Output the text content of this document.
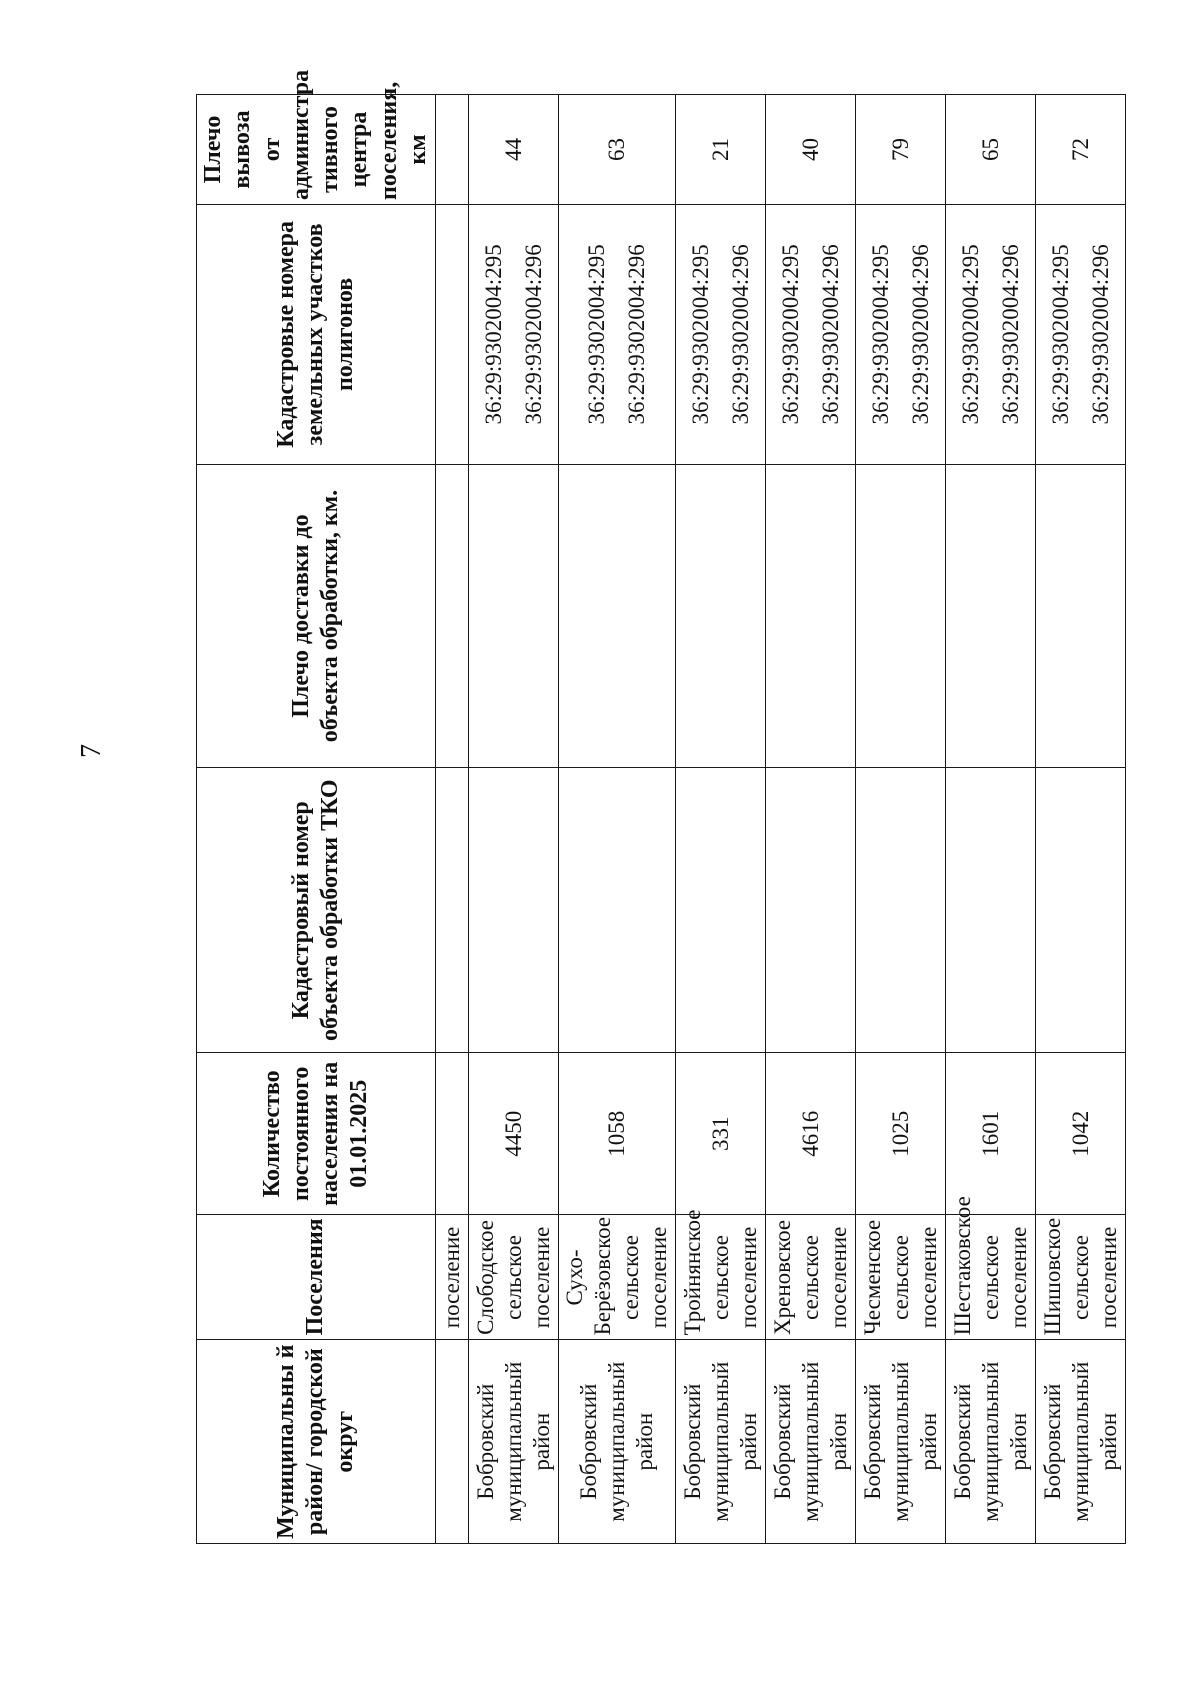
7
Муниципальны й район/ городской округ	Поселения	Количество постоянного населения на 01.01.2025	Кадастровый номер объекта обработки ТКО	Плечо доставки до объекта обработки, км.	Кадастровые номера земельных участков полигонов	Плечо вывоза от администра тивного центра поселения, км
	поселение					
Бобровский муниципальный район	Слободское сельское поселение	4450			36:29:9302004:295 36:29:9302004:296	44
Бобровский муниципальный район	Сухо-Берёзовское сельское поселение	1058			36:29:9302004:295 36:29:9302004:296	63
Бобровский муниципальный район	Тройнянское сельское поселение	331			36:29:9302004:295 36:29:9302004:296	21
Бобровский муниципальный район	Хреновское сельское поселение	4616			36:29:9302004:295 36:29:9302004:296	40
Бобровский муниципальный район	Чесменское сельское поселение	1025			36:29:9302004:295 36:29:9302004:296	79
Бобровский муниципальный район	Шестаковское сельское поселение	1601			36:29:9302004:295 36:29:9302004:296	65
Бобровский муниципальный район	Шишовское сельское поселение	1042			36:29:9302004:295 36:29:9302004:296	72
